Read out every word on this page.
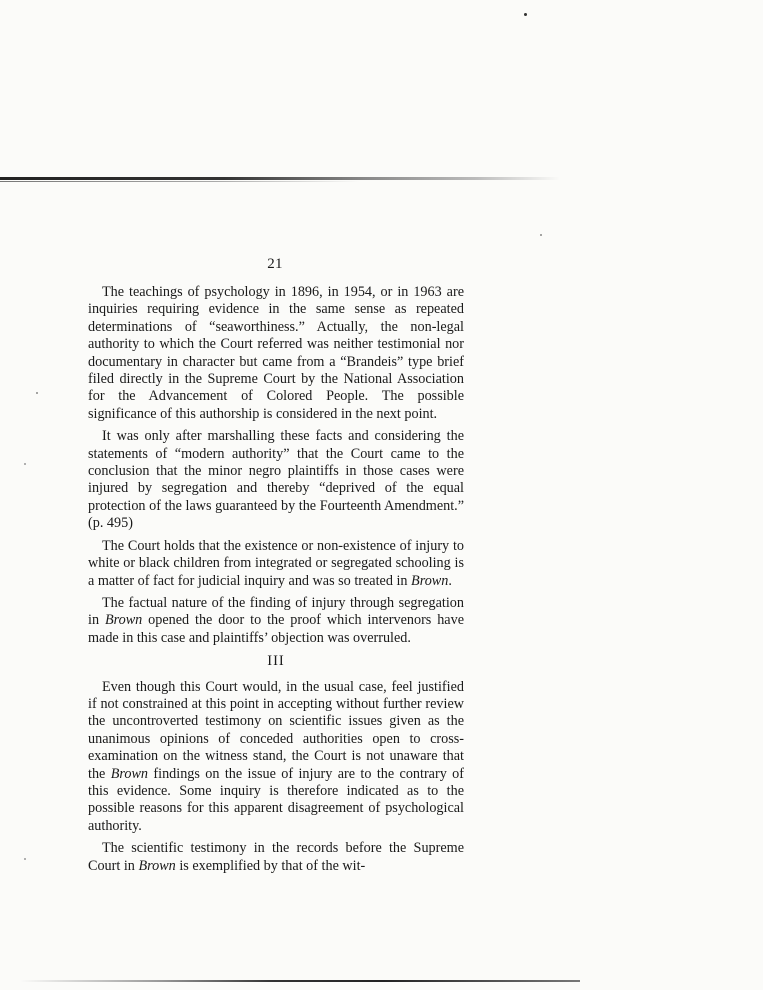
21

The teachings of psychology in 1896, in 1954, or in 1963 are inquiries requiring evidence in the same sense as repeated determinations of “seaworthiness.” Actually, the non-legal authority to which the Court referred was neither testimonial nor documentary in character but came from a “Brandeis” type brief filed directly in the Supreme Court by the National Association for the Advancement of Colored People. The possible significance of this authorship is considered in the next point.

It was only after marshalling these facts and considering the statements of “modern authority” that the Court came to the conclusion that the minor negro plaintiffs in those cases were injured by segregation and thereby “deprived of the equal protection of the laws guaranteed by the Fourteenth Amendment.” (p. 495)

The Court holds that the existence or non-existence of injury to white or black children from integrated or segregated schooling is a matter of fact for judicial inquiry and was so treated in Brown.

The factual nature of the finding of injury through segregation in Brown opened the door to the proof which intervenors have made in this case and plaintiffs’ objection was overruled.

III

Even though this Court would, in the usual case, feel justified if not constrained at this point in accepting without further review the uncontroverted testimony on scientific issues given as the unanimous opinions of conceded authorities open to cross-examination on the witness stand, the Court is not unaware that the Brown findings on the issue of injury are to the contrary of this evidence. Some inquiry is therefore indicated as to the possible reasons for this apparent disagreement of psychological authority.

The scientific testimony in the records before the Supreme Court in Brown is exemplified by that of the wit-
